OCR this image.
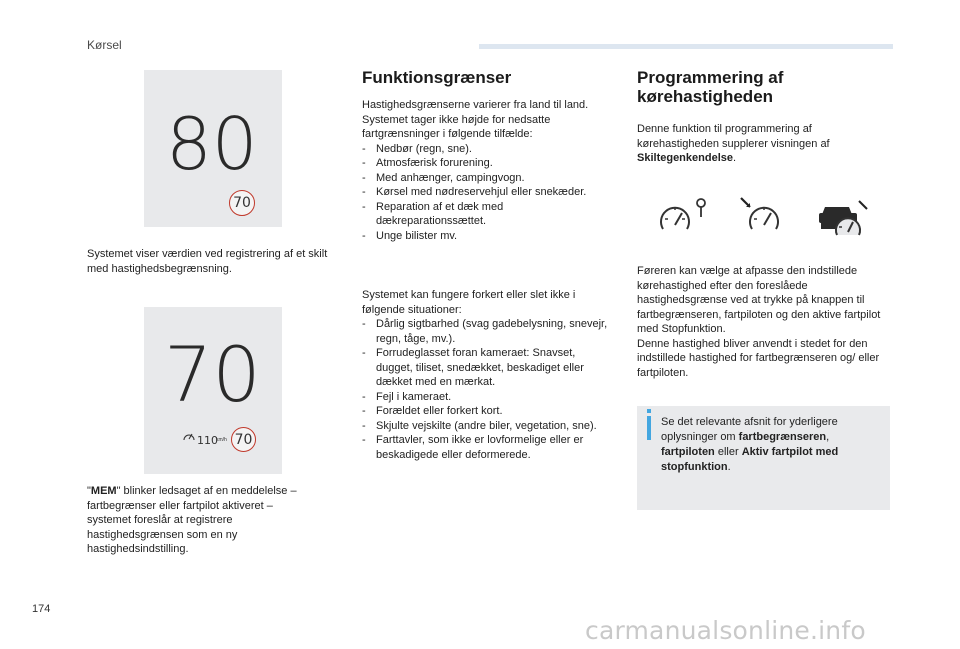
Kørsel
80
70
70
110
km/h 70
Systemet viser værdien ved registrering af et skilt med hastighedsbegrænsning.
"MEM" blinker ledsaget af en meddelelse – fartbegrænser eller fartpilot aktiveret – systemet foreslår at registrere hastighedsgrænsen som en ny hastighedsindstilling.
Funktionsgrænser
Hastighedsgrænserne varierer fra land til land. Systemet tager ikke højde for nedsatte fartgrænsninger i følgende tilfælde:
- Nedbør (regn, sne).
- Atmosfærisk forurening.
- Med anhænger, campingvogn.
- Kørsel med nødreservehjul eller snekæder.
- Reparation af et dæk med dækreparationssættet.
- Unge bilister mv.
Systemet kan fungere forkert eller slet ikke i følgende situationer:
- Dårlig sigtbarhed (svag gadebelysning, snevejr, regn, tåge, mv.).
- Forrudeglasset foran kameraet: Snavset, dugget, tiliset, snedækket, beskadiget eller dækket med en mærkat.
- Fejl i kameraet.
- Forældet eller forkert kort.
- Skjulte vejskilte (andre biler, vegetation, sne).
- Farttavler, som ikke er lovformelige eller er beskadigede eller deformerede.
Programmering af kørehastigheden
Denne funktion til programmering af kørehastigheden supplerer visningen af Skiltegenkendelse.
Føreren kan vælge at afpasse den indstillede kørehastighed efter den foreslåede hastighedsgrænse ved at trykke på knappen til fartbegrænseren, fartpiloten og den aktive fartpilot med Stopfunktion.
Denne hastighed bliver anvendt i stedet for den indstillede hastighed for fartbegrænseren og/ eller fartpiloten.
Se det relevante afsnit for yderligere oplysninger om fartbegrænseren, fartpiloten eller Aktiv fartpilot med stopfunktion.
174
carmanualsonline.info
